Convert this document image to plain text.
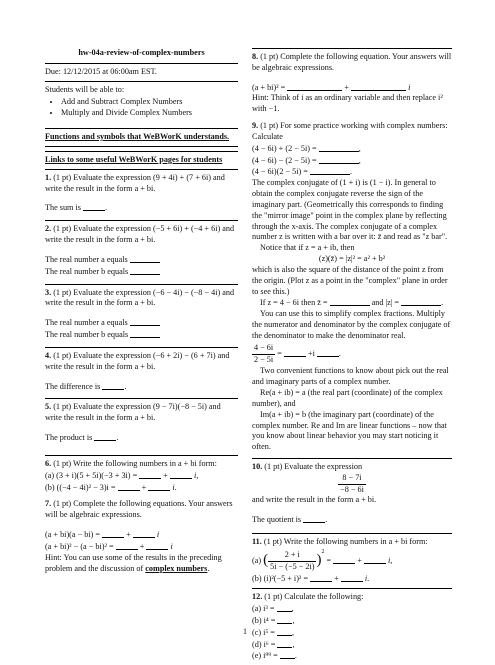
hw-04a-review-of-complex-numbers
Due: 12/12/2015 at 06:00am EST.
Students will be able to:
• Add and Subtract Complex Numbers
• Multiply and Divide Complex Numbers
Functions and symbols that WeBWorK understands.
Links to some useful WeBWorK pages for students
1. (1 pt) Evaluate the expression (9 + 4i) + (7 + 6i) and write the result in the form a + bi.
The sum is	.
2. (1 pt) Evaluate the expression (−5 + 6i) + (−4 + 6i) and write the result in the form a + bi.
The real number a equals
The real number b equals
3. (1 pt) Evaluate the expression (−6 − 4i) − (−8 − 4i) and write the result in the form a + bi.
The real number a equals
The real number b equals
4. (1 pt) Evaluate the expression (−6 + 2i) − (6 + 7i) and write the result in the form a + bi.
The difference is	.
5. (1 pt) Evaluate the expression (9 − 7i)(−8 − 5i) and write the result in the form a + bi.
The product is	.
6. (1 pt) Write the following numbers in a + bi form:
(a) (3 + i)(5 + 5i)(−3 + 3i) =	+	i,
(b) ((−4 − 4i)² − 3)i =	+	i.
7. (1 pt) Complete the following equations. Your answers will be algebraic expressions.
(a + bi)(a − bi) =	+	i
(a + bi)² − (a − bi)² =	+	i
Hint: You can use some of the results in the preceding problem and the discussion of complex numbers.
8. (1 pt) Complete the following equation. Your answers will be algebraic expressions.
(a + bi)² =	+	i
Hint: Think of i as an ordinary variable and then replace i² with −1.
9. (1 pt) For some practice working with complex numbers: Calculate
(4 − 6i) + (2 − 5i) =	,
(4 − 6i) − (2 − 5i) =	,
(4 − 6i)(2 − 5i) =	.
The complex conjugate of (1 + i) is (1 − i). In general to obtain the complex conjugate reverse the sign of the imaginary part. (Geometrically this corresponds to finding the "mirror image" point in the complex plane by reflecting through the x-axis. The complex conjugate of a complex number z is written with a bar over it: z̄ and read as "z bar".
Notice that if z = a + ib, then
(z)(z̄) = |z|² = a² + b²
which is also the square of the distance of the point z from the origin. (Plot z as a point in the "complex" plane in order to see this.)
If z = 4 − 6i then z̄ =	and |z| =	.
You can use this to simplify complex fractions. Multiply the numerator and denominator by the complex conjugate of the denominator to make the denominator real.
$\frac{4 - 6i}{2 - 5i}$ =	+i	.
Two convenient functions to know about pick out the real and imaginary parts of a complex number.
Re(a + ib) = a (the real part (coordinate) of the complex number), and
Im(a + ib) = b (the imaginary part (coordinate) of the complex number. Re and Im are linear functions – now that you know about linear behavior you may start noticing it often.
10. (1 pt) Evaluate the expression
$\frac{8 - 7i}{-8 - 6i}$
and write the result in the form a + bi.
The quotient is	.
11. (1 pt) Write the following numbers in a + bi form:
(a) ( $\frac{2 + i}{5i - (-5 - 2i)} )^2$ =	+	i,
(b) (i)²(−5 + i)² =	+	i.
12. (1 pt) Calculate the following:
(a) i³ = ,
(b) i⁴ = ,
(c) i⁵ = ,
(d) i⁶ = ,
(e) i⁹⁹ = .
1
